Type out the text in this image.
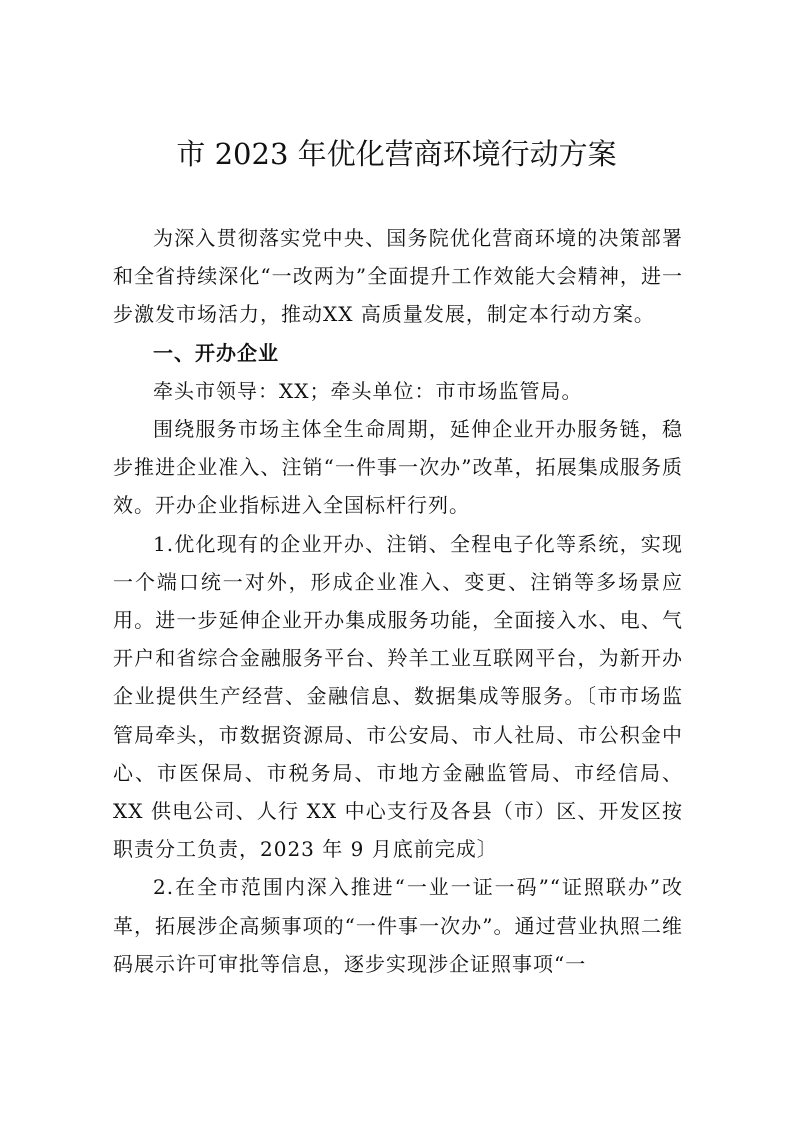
市 2023 年优化营商环境行动方案

为深入贯彻落实党中央、国务院优化营商环境的决策部署和全省持续深化“一改两为”全面提升工作效能大会精神，进一步激发市场活力，推动XX 高质量发展，制定本行动方案。

一、开办企业

牵头市领导：XX；牵头单位：市市场监管局。

围绕服务市场主体全生命周期，延伸企业开办服务链，稳步推进企业准入、注销“一件事一次办”改革，拓展集成服务质效。开办企业指标进入全国标杆行列。

1.优化现有的企业开办、注销、全程电子化等系统，实现一个端口统一对外，形成企业准入、变更、注销等多场景应用。进一步延伸企业开办集成服务功能，全面接入水、电、气开户和省综合金融服务平台、羚羊工业互联网平台，为新开办企业提供生产经营、金融信息、数据集成等服务。〔市市场监管局牵头，市数据资源局、市公安局、市人社局、市公积金中心、市医保局、市税务局、市地方金融监管局、市经信局、XX 供电公司、人行 XX 中心支行及各县（市）区、开发区按职责分工负责，2023 年 9 月底前完成〕

2.在全市范围内深入推进“一业一证一码”“证照联办”改革，拓展涉企高频事项的“一件事一次办”。通过营业执照二维码展示许可审批等信息，逐步实现涉企证照事项“一
